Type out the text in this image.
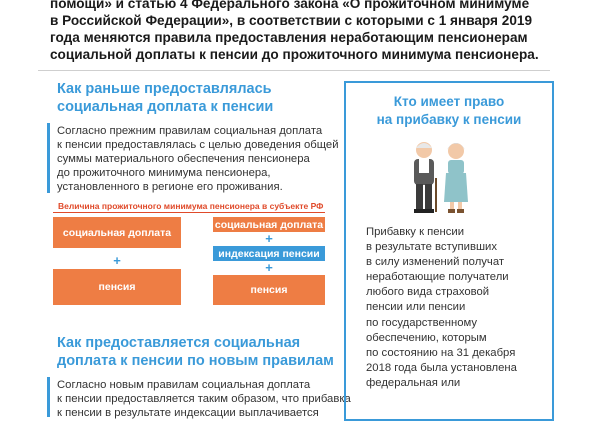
помощи» и статью 4 Федерального закона «О прожиточном минимуме
в Российской Федерации», в соответствии с которыми с 1 января 2019
года меняются правила предоставления неработающим пенсионерам
социальной доплаты к пенсии до прожиточного минимума пенсионера.
Как раньше предоставлялась
социальная доплата к пенсии
Согласно прежним правилам социальная доплата
к пенсии предоставлялась с целью доведения общей
суммы материального обеспечения пенсионера
до прожиточного минимума пенсионера,
установленного в регионе его проживания.
Величина прожиточного минимума пенсионера в субъекте РФ
социальная доплата
+
пенсия
социальная доплата
+
индексация пенсии
+
пенсия
Как предоставляется социальная
доплата к пенсии по новым правилам
Согласно новым правилам социальная доплата
к пенсии предоставляется таким образом, что прибавка
к пенсии в результате индексации выплачивается
Кто имеет право
на прибавку к пенсии
Прибавку к пенсии
в результате вступивших
в силу изменений получат
неработающие получатели
любого вида страховой
пенсии или пенсии
по государственному
обеспечению, которым
по состоянию на 31 декабря
2018 года была установлена
федеральная или
